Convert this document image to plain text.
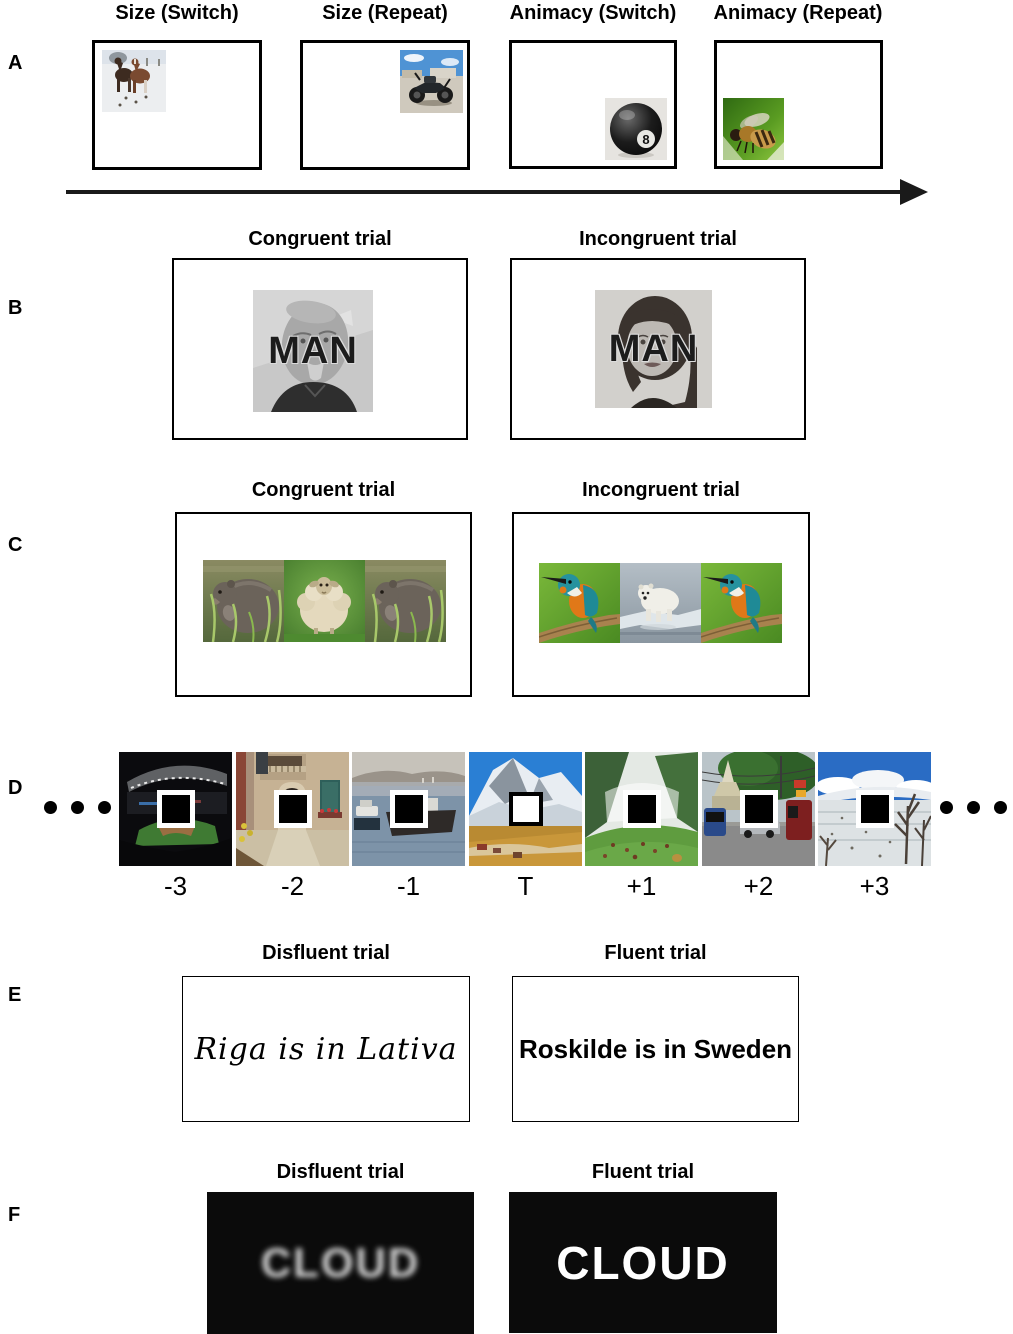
A
Size (Switch)	Size (Repeat)	Animacy (Switch)	Animacy (Repeat)
8
B
Congruent trial	Incongruent trial
MAN	MAN
C
Congruent trial	Incongruent trial
D
-3	-2	-1	T	+1	+2	+3
E
Disfluent trial	Fluent trial
Riga is in Lativa Roskilde is in Sweden
F
Disfluent trial	Fluent trial
CLOUD	CLOUD
